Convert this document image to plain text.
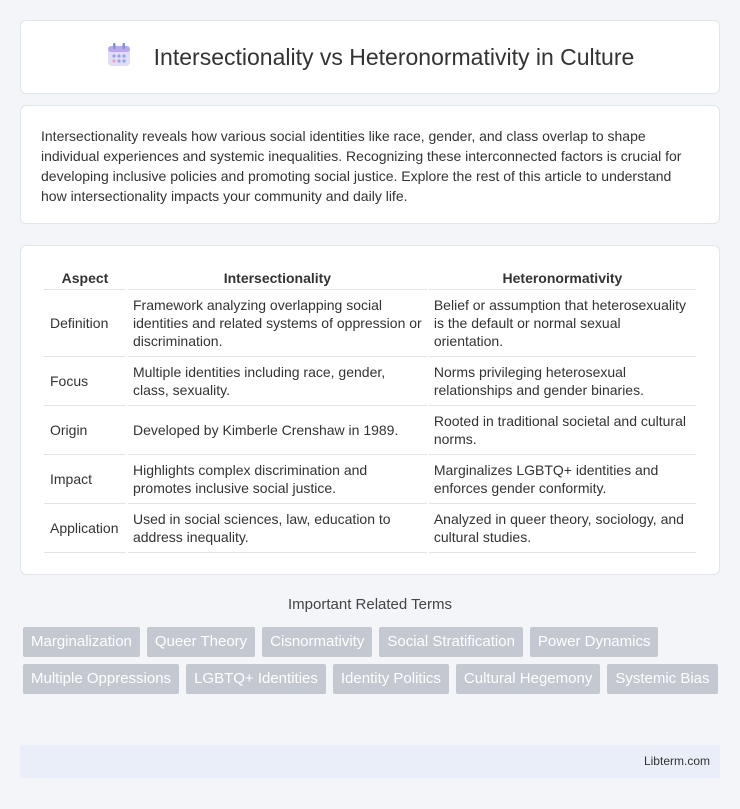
Intersectionality vs Heteronormativity in Culture

Intersectionality reveals how various social identities like race, gender, and class overlap to shape individual experiences and systemic inequalities. Recognizing these interconnected factors is crucial for developing inclusive policies and promoting social justice. Explore the rest of this article to understand how intersectionality impacts your community and daily life.

Aspect	Intersectionality	Heteronormativity
Definition	Framework analyzing overlapping social identities and related systems of oppression or discrimination.	Belief or assumption that heterosexuality is the default or normal sexual orientation.
Focus	Multiple identities including race, gender, class, sexuality.	Norms privileging heterosexual relationships and gender binaries.
Origin	Developed by Kimberle Crenshaw in 1989.	Rooted in traditional societal and cultural norms.
Impact	Highlights complex discrimination and promotes inclusive social justice.	Marginalizes LGBTQ+ identities and enforces gender conformity.
Application	Used in social sciences, law, education to address inequality.	Analyzed in queer theory, sociology, and cultural studies.
Important Related Terms
Marginalization	Queer Theory	Cisnormativity	Social Stratification	Power Dynamics
Multiple Oppressions	LGBTQ+ Identities	Identity Politics	Cultural Hegemony	Systemic Bias
Libterm.com
